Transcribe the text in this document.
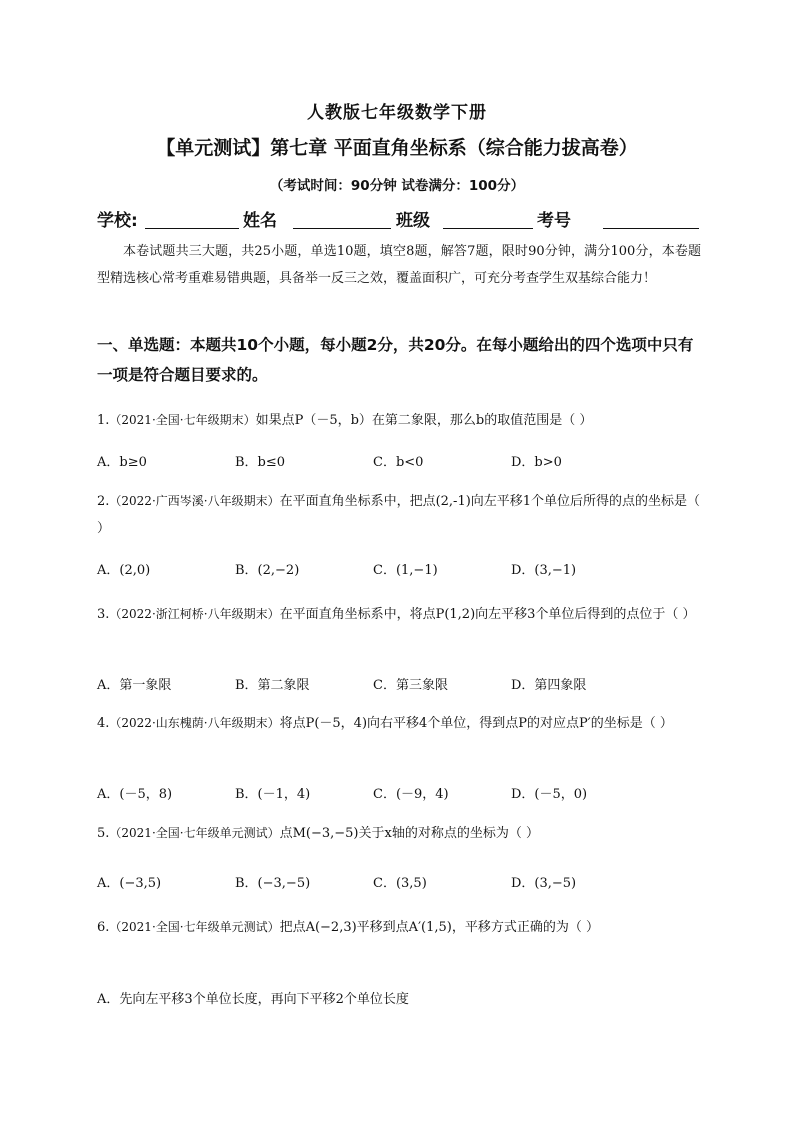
人教版七年级数学下册
【单元测试】第七章 平面直角坐标系（综合能力拔高卷）
（考试时间：90分钟 试卷满分：100分）
学校:	姓名	班级	考号
本卷试题共三大题，共25小题，单选10题，填空8题，解答7题，限时90分钟，满分100分，本卷题型精选核心常考重难易错典题，具备举一反三之效，覆盖面积广，可充分考查学生双基综合能力！
一、单选题：本题共10个小题，每小题2分，共20分。在每小题给出的四个选项中只有一项是符合题目要求的。
1.（2021·全国·七年级期末）如果点P（－5，b）在第二象限，那么b的取值范围是（ ）
A．b≥0	B．b≤0	C．b<0	D．b>0
2.（2022·广西岑溪·八年级期末）在平面直角坐标系中，把点(2,-1)向左平移1个单位后所得的点的坐标是（ ）
A．(2,0)	B．(2,−2)	C．(1,−1)	D．(3,−1)
3.（2022·浙江柯桥·八年级期末）在平面直角坐标系中，将点P(1,2)向左平移3个单位后得到的点位于（ ）
A．第一象限	B．第二象限	C．第三象限	D．第四象限
4.（2022·山东槐荫·八年级期末）将点P(－5，4)向右平移4个单位，得到点P的对应点P′的坐标是（ ）
A．(－5，8)	B．(－1，4)	C．(－9，4)	D．(－5，0)
5.（2021·全国·七年级单元测试）点M(−3,−5)关于x轴的对称点的坐标为（ ）
A．(−3,5)	B．(−3,−5)	C．(3,5)	D．(3,−5)
6.（2021·全国·七年级单元测试）把点A(−2,3)平移到点A′(1,5)，平移方式正确的为（ ）
A．先向左平移3个单位长度，再向下平移2个单位长度
